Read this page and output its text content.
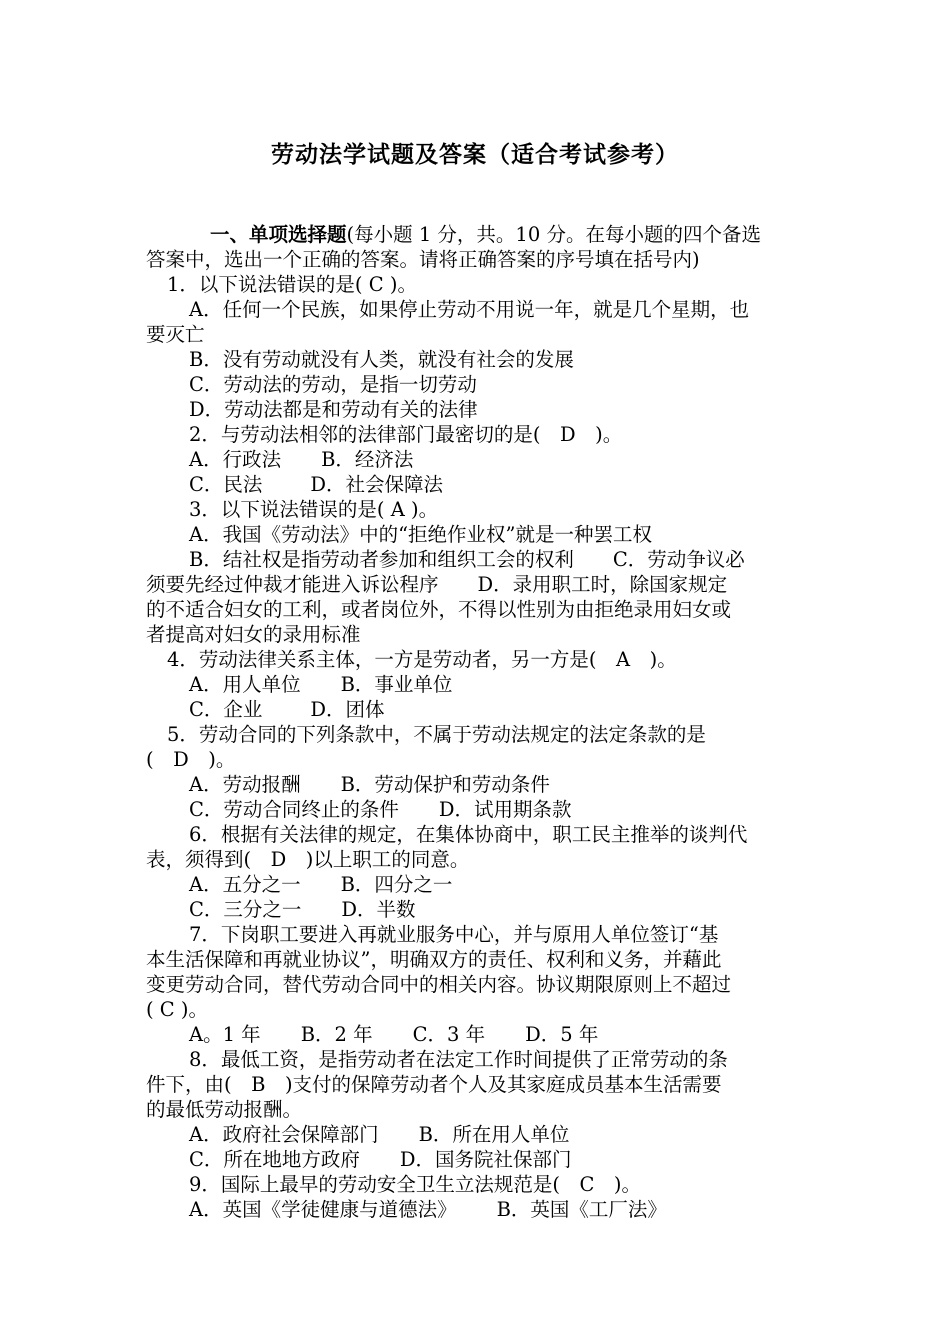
劳动法学试题及答案（适合考试参考）

一、单项选择题(每小题 1 分，共。10 分。在每小题的四个备选

答案中，选出一个正确的答案。请将正确答案的序号填在括号内)

1．以下说法错误的是( C )。

A．任何一个民族，如果停止劳动不用说一年，就是几个星期，也

要灭亡

B．没有劳动就没有人类，就没有社会的发展

C．劳动法的劳动，是指一切劳动

D．劳动法都是和劳动有关的法律

2．与劳动法相邻的法律部门最密切的是(　D　)。

A．行政法 B．经济法

C．民法 D．社会保障法

3．以下说法错误的是( A )。

A．我国《劳动法》中的“拒绝作业权”就是一种罢工权

B．结社权是指劳动者参加和组织工会的权利　　C．劳动争议必

须要先经过仲裁才能进入诉讼程序　　D．录用职工时，除国家规定

的不适合妇女的工利，或者岗位外，不得以性别为由拒绝录用妇女或

者提高对妇女的录用标准

4．劳动法律关系主体，一方是劳动者，另一方是(　A　)。

A．用人单位 B．事业单位

C．企业 D．团体

5．劳动合同的下列条款中，不属于劳动法规定的法定条款的是

(　D　)。

A．劳动报酬 B．劳动保护和劳动条件

C．劳动合同终止的条件 D．试用期条款

6．根据有关法律的规定，在集体协商中，职工民主推举的谈判代

表，须得到(　D　)以上职工的同意。

A．五分之一 B．四分之一

C．三分之一 D．半数

7．下岗职工要进入再就业服务中心，并与原用人单位签订“基

本生活保障和再就业协议”，明确双方的责任、权利和义务，并藉此

变更劳动合同，替代劳动合同中的相关内容。协议期限原则上不超过

( C )。

A。1 年 B．2 年 C．3 年 D．5 年

8．最低工资，是指劳动者在法定工作时间提供了正常劳动的条

件下，由(　B　)支付的保障劳动者个人及其家庭成员基本生活需要

的最低劳动报酬。

A．政府社会保障部门 B．所在用人单位

C．所在地地方政府 D．国务院社保部门

9．国际上最早的劳动安全卫生立法规范是(　C　)。

A．英国《学徒健康与道德法》 B．英国《工厂法》
